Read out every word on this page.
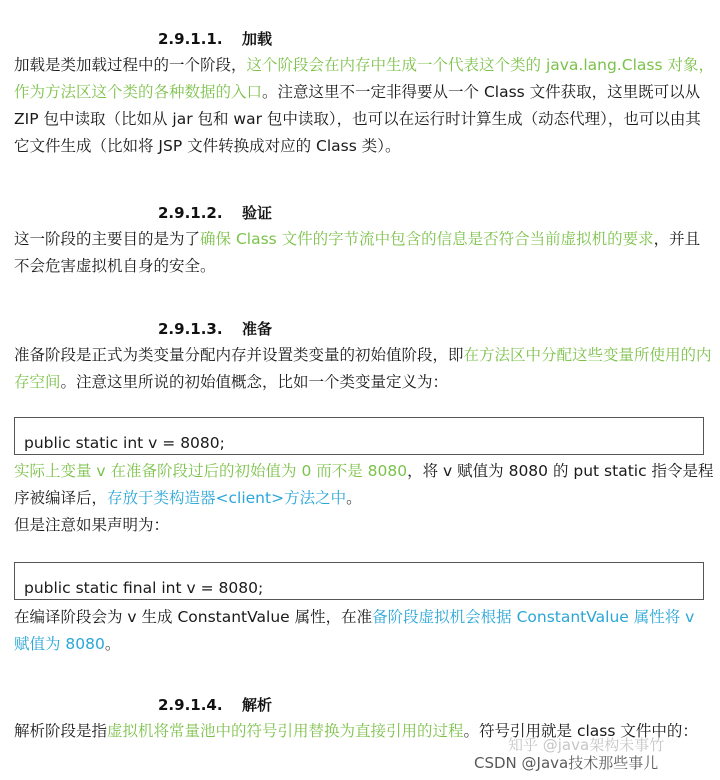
2.9.1.1. 加载
加载是类加载过程中的一个阶段，这个阶段会在内存中生成一个代表这个类的 java.lang.Class 对象，作为方法区这个类的各种数据的入口。注意这里不一定非得要从一个 Class 文件获取，这里既可以从 ZIP 包中读取（比如从 jar 包和 war 包中读取），也可以在运行时计算生成（动态代理），也可以由其它文件生成（比如将 JSP 文件转换成对应的 Class 类）。
2.9.1.2. 验证
这一阶段的主要目的是为了确保 Class 文件的字节流中包含的信息是否符合当前虚拟机的要求，并且不会危害虚拟机自身的安全。
2.9.1.3. 准备
准备阶段是正式为类变量分配内存并设置类变量的初始值阶段，即在方法区中分配这些变量所使用的内存空间。注意这里所说的初始值概念，比如一个类变量定义为：
public static int v = 8080;
实际上变量 v 在准备阶段过后的初始值为 0 而不是 8080，将 v 赋值为 8080 的 put static 指令是程序被编译后，存放于类构造器<client>方法之中。
但是注意如果声明为：
public static final int v = 8080;
在编译阶段会为 v 生成 ConstantValue 属性，在准备阶段虚拟机会根据 ConstantValue 属性将 v 赋值为 8080。
2.9.1.4. 解析
解析阶段是指虚拟机将常量池中的符号引用替换为直接引用的过程。符号引用就是 class 文件中的：
知乎 @java架构未事竹
CSDN @Java技术那些事儿
